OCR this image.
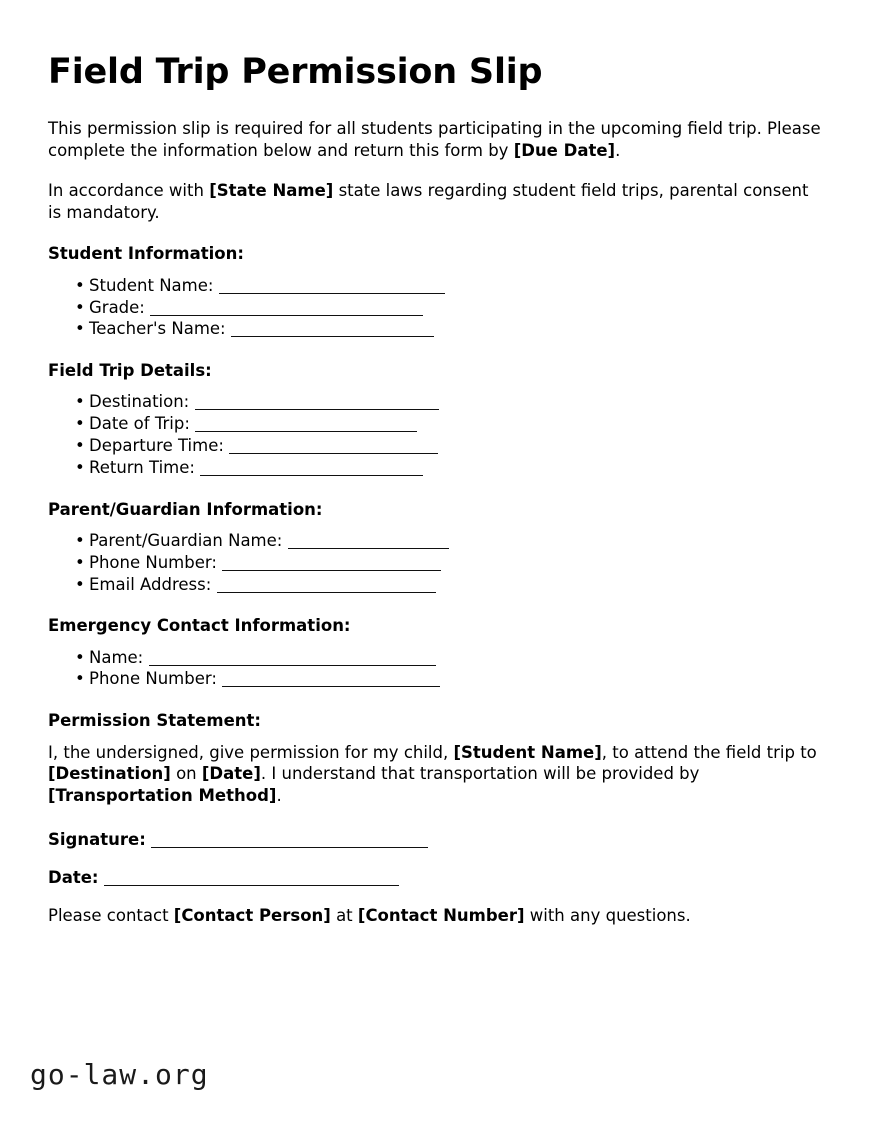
Field Trip Permission Slip

This permission slip is required for all students participating in the upcoming field trip. Please complete the information below and return this form by [Due Date].

In accordance with [State Name] state laws regarding student field trips, parental consent is mandatory.

Student Information:
• Student Name:
• Grade:
• Teacher's Name:
Field Trip Details:
• Destination:
• Date of Trip:
• Departure Time:
• Return Time:
Parent/Guardian Information:
• Parent/Guardian Name:
• Phone Number:
• Email Address:
Emergency Contact Information:
• Name:
• Phone Number:
Permission Statement:

I, the undersigned, give permission for my child, [Student Name], to attend the field trip to [Destination] on [Date]. I understand that transportation will be provided by [Transportation Method].

Signature:

Date:

Please contact [Contact Person] at [Contact Number] with any questions.

go-law.org
